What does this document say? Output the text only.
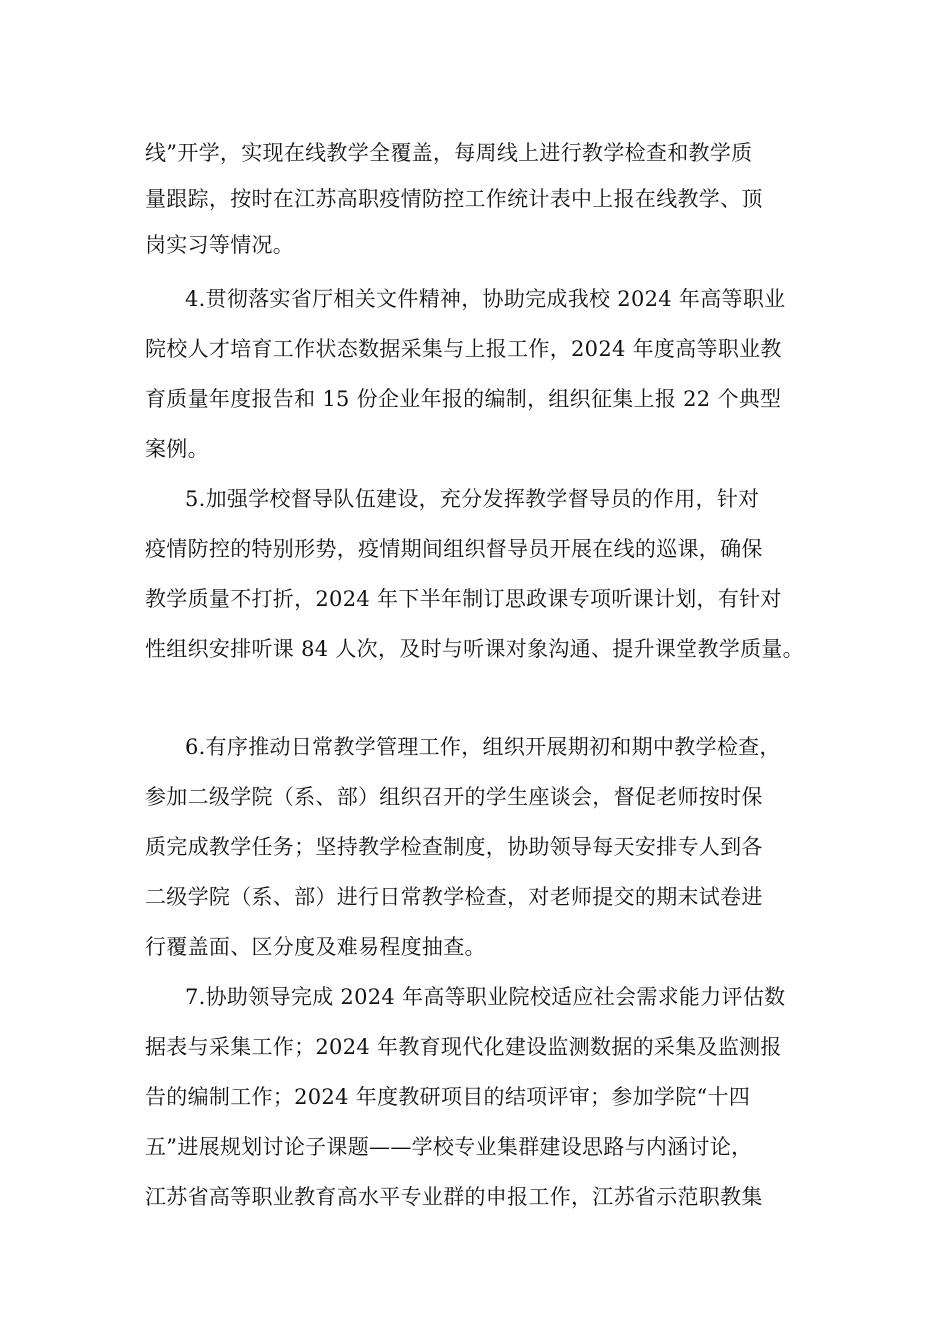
线”开学，实现在线教学全覆盖，每周线上进行教学检查和教学质
量跟踪，按时在江苏高职疫情防控工作统计表中上报在线教学、顶
岗实习等情况。
4.贯彻落实省厅相关文件精神，协助完成我校 2024 年高等职业
院校人才培育工作状态数据采集与上报工作，2024 年度高等职业教
育质量年度报告和 15 份企业年报的编制，组织征集上报 22 个典型
案例。
5.加强学校督导队伍建设，充分发挥教学督导员的作用，针对
疫情防控的特别形势，疫情期间组织督导员开展在线的巡课，确保
教学质量不打折，2024 年下半年制订思政课专项听课计划，有针对
性组织安排听课 84 人次，及时与听课对象沟通、提升课堂教学质量。
6.有序推动日常教学管理工作，组织开展期初和期中教学检查，
参加二级学院（系、部）组织召开的学生座谈会，督促老师按时保
质完成教学任务；坚持教学检查制度，协助领导每天安排专人到各
二级学院（系、部）进行日常教学检查，对老师提交的期末试卷进
行覆盖面、区分度及难易程度抽查。
7.协助领导完成 2024 年高等职业院校适应社会需求能力评估数
据表与采集工作；2024 年教育现代化建设监测数据的采集及监测报
告的编制工作；2024 年度教研项目的结项评审；参加学院“十四
五”进展规划讨论子课题——学校专业集群建设思路与内涵讨论，
江苏省高等职业教育高水平专业群的申报工作，江苏省示范职教集
